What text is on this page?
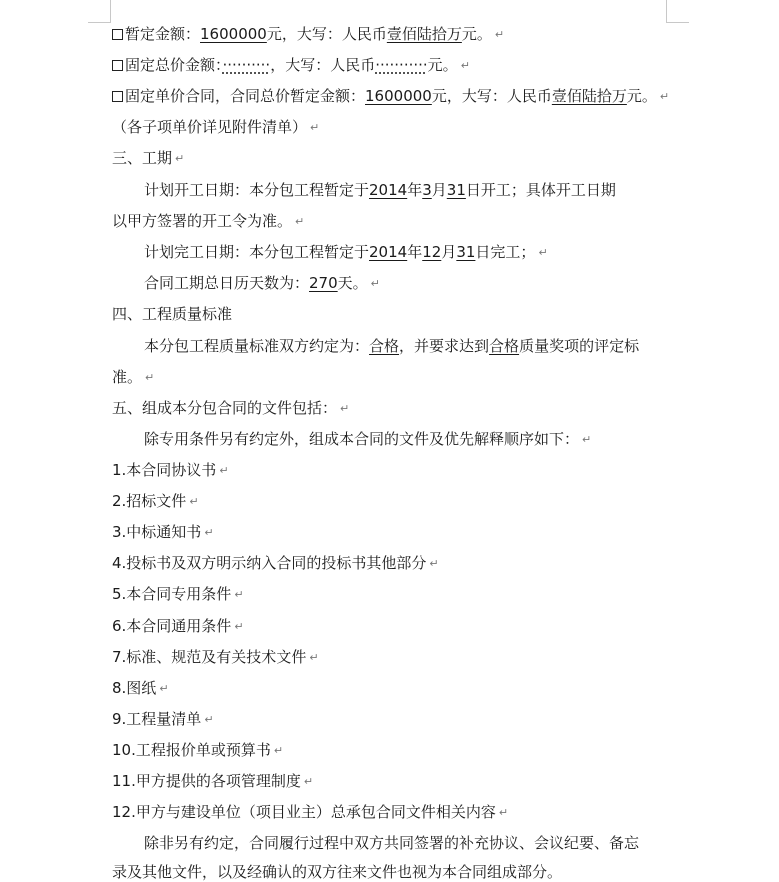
暂定金额：1600000元，大写：人民币壹佰陆拾万元。 ↵
固定总价金额：··········，大写：人民币···········元。 ↵
固定单价合同，合同总价暂定金额：1600000元，大写：人民币壹佰陆拾万元。 ↵
（各子项单价详见附件清单） ↵
三、工期 ↵
计划开工日期：本分包工程暂定于2014年3月31日开工；具体开工日期
以甲方签署的开工令为准。 ↵
计划完工日期：本分包工程暂定于2014年12月31日完工； ↵
合同工期总日历天数为：270天。 ↵
四、工程质量标准
本分包工程质量标准双方约定为：合格，并要求达到合格质量奖项的评定标
准。 ↵
五、组成本分包合同的文件包括： ↵
除专用条件另有约定外，组成本合同的文件及优先解释顺序如下： ↵
1.本合同协议书 ↵
2.招标文件 ↵
3.中标通知书 ↵
4.投标书及双方明示纳入合同的投标书其他部分 ↵
5.本合同专用条件 ↵
6.本合同通用条件 ↵
7.标准、规范及有关技术文件 ↵
8.图纸 ↵
9.工程量清单 ↵
10.工程报价单或预算书 ↵
11.甲方提供的各项管理制度 ↵
12.甲方与建设单位（项目业主）总承包合同文件相关内容 ↵
除非另有约定，合同履行过程中双方共同签署的补充协议、会议纪要、备忘
录及其他文件，以及经确认的双方往来文件也视为本合同组成部分。
